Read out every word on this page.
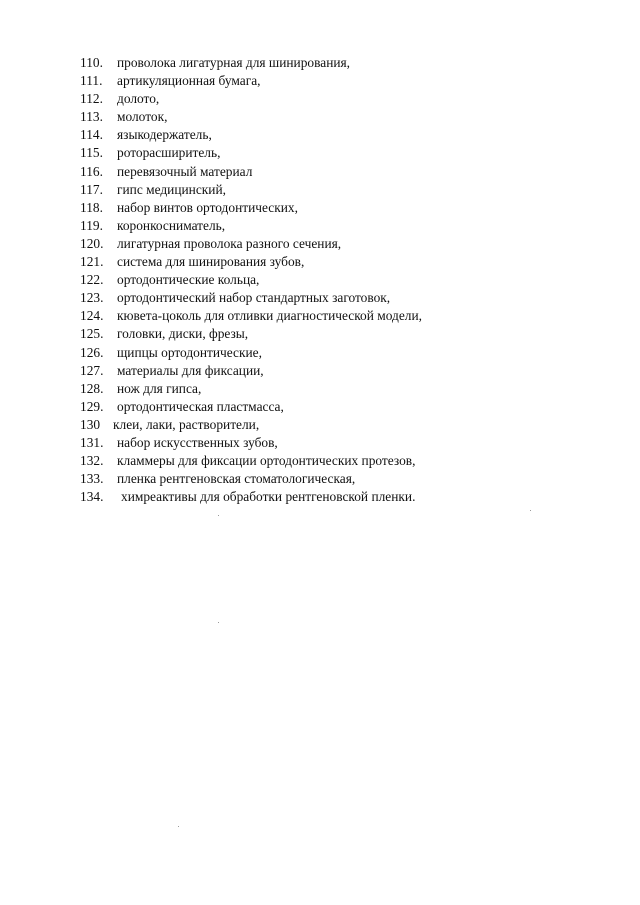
110. проволока лигатурная для шинирования,
111. артикуляционная бумага,
112. долото,
113. молоток,
114. языкодержатель,
115. роторасширитель,
116. перевязочный материал
117. гипс медицинский,
118. набор винтов ортодонтических,
119. коронкосниматель,
120. лигатурная проволока разного сечения,
121. система для шинирования зубов,
122. ортодонтические кольца,
123. ортодонтический набор стандартных заготовок,
124. кювета-цоколь для отливки диагностической модели,
125. головки, диски, фрезы,
126. щипцы ортодонтические,
127. материалы для фиксации,
128. нож для гипса,
129. ортодонтическая пластмасса,
130 клеи, лаки, растворители,
131. набор искусственных зубов,
132. кламмеры для фиксации ортодонтических протезов,
133. пленка рентгеновская стоматологическая,
134. химреактивы для обработки рентгеновской пленки.
